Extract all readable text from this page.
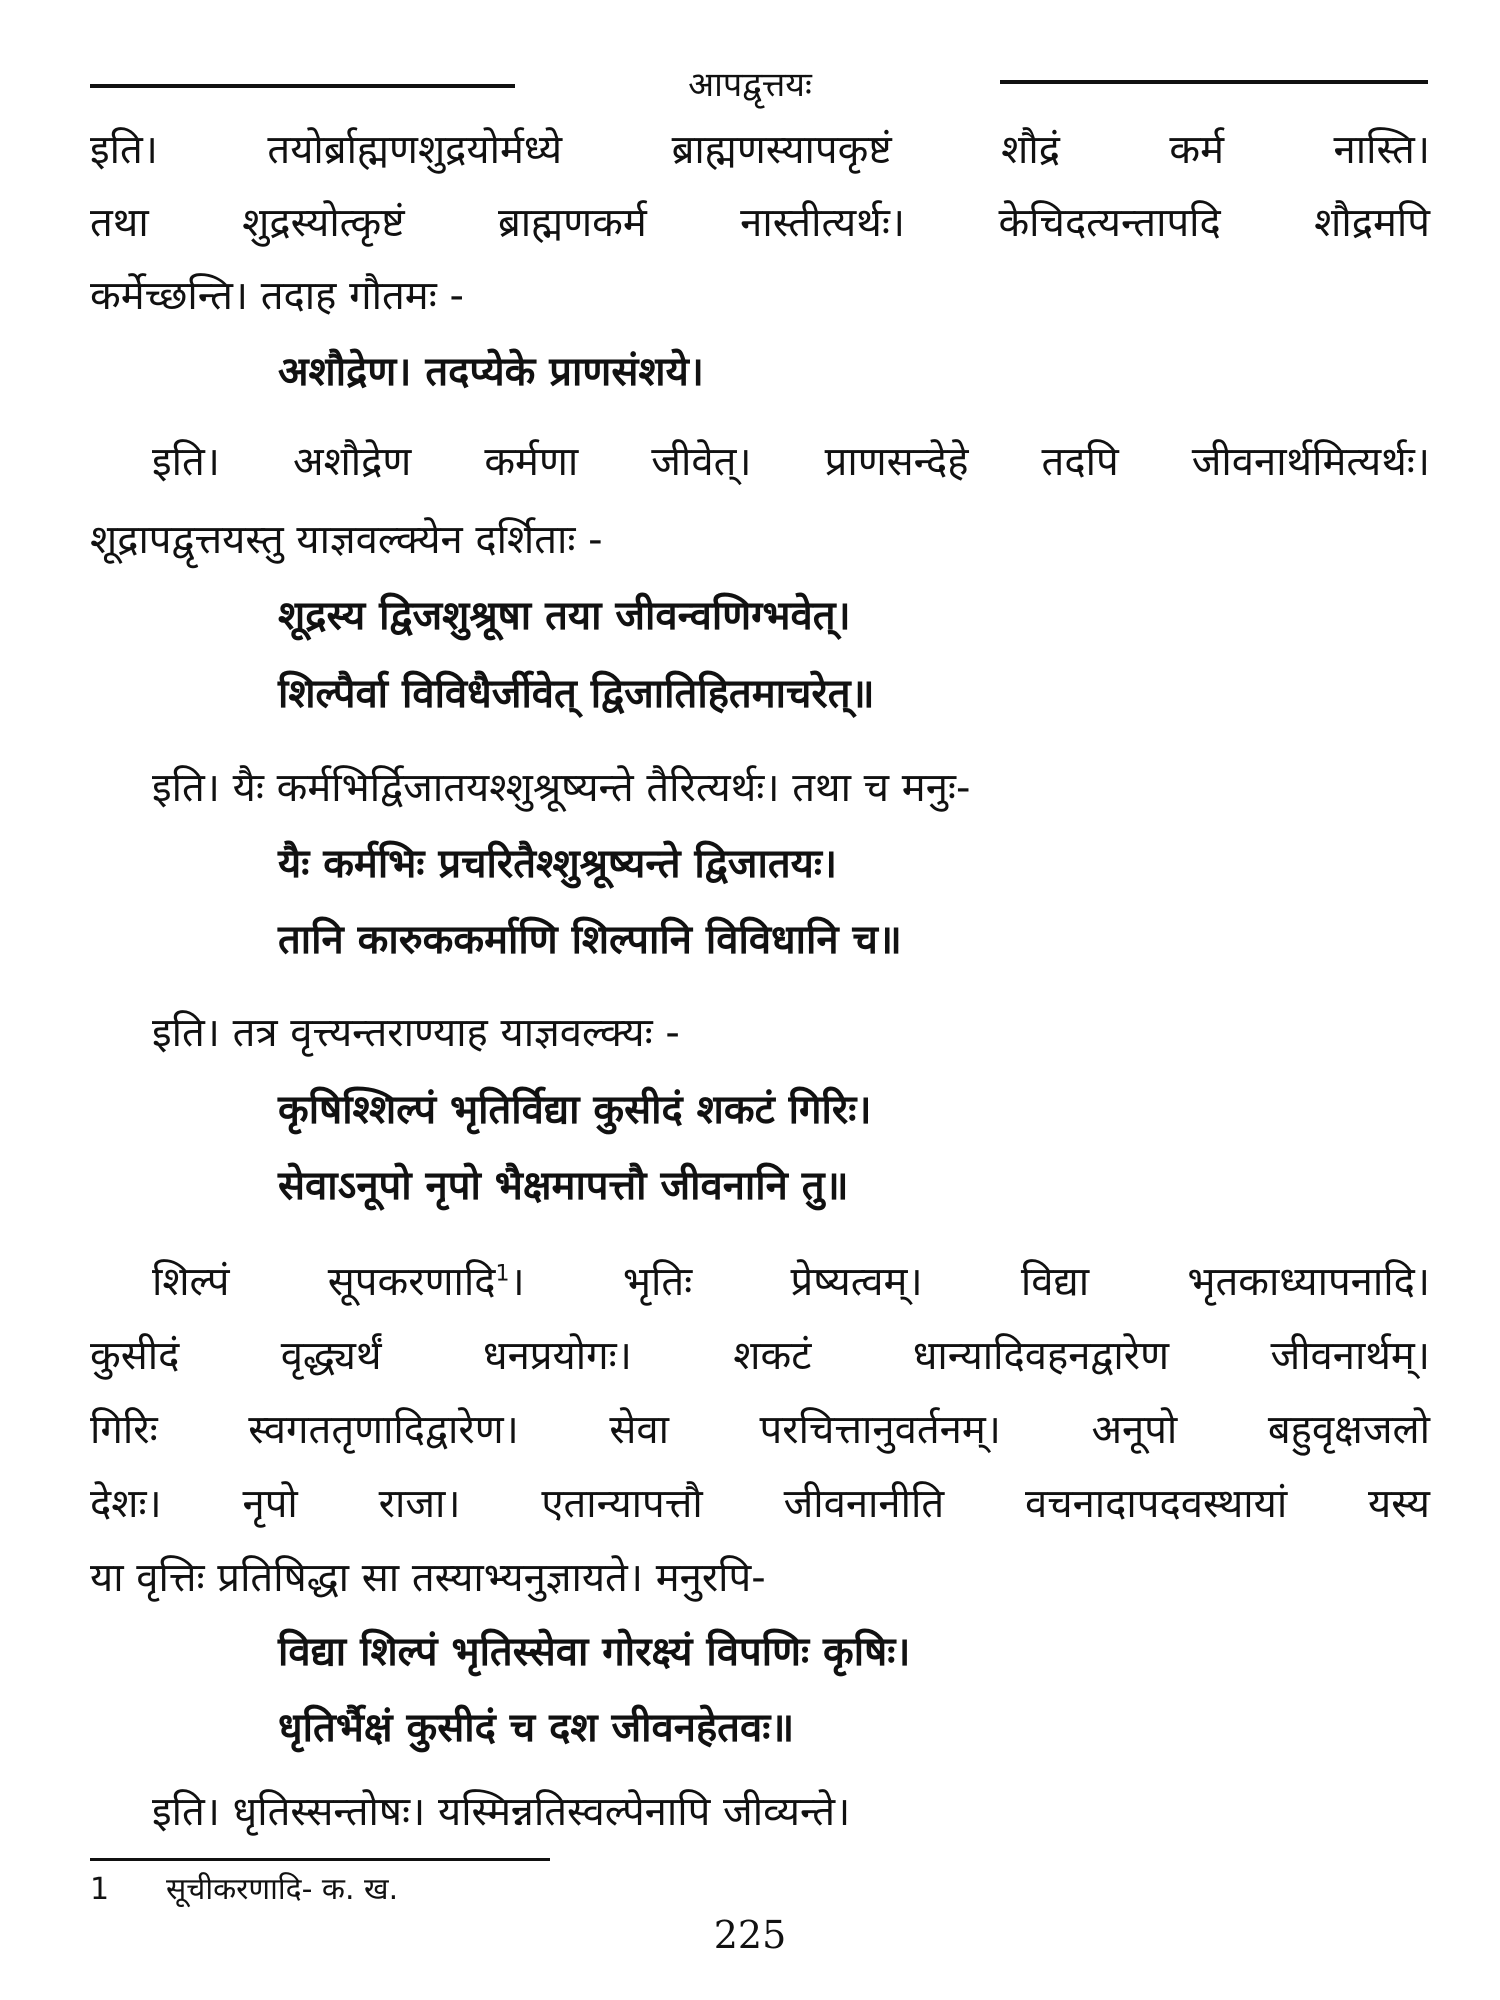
आपद्वृत्तयः
इति। तयोर्ब्राह्मणशुद्रयोर्मध्ये ब्राह्मणस्यापकृष्टं शौद्रं कर्म नास्ति।
तथा शुद्रस्योत्कृष्टं ब्राह्मणकर्म नास्तीत्यर्थः। केचिदत्यन्तापदि शौद्रमपि
कर्मेच्छन्ति। तदाह गौतमः -
अशौद्रेण। तदप्येके प्राणसंशये।
इति। अशौद्रेण कर्मणा जीवेत्। प्राणसन्देहे तदपि जीवनार्थमित्यर्थः।
शूद्रापद्वृत्तयस्तु याज्ञवल्क्येन दर्शिताः -
शूद्रस्य द्विजशुश्रूषा तया जीवन्वणिग्भवेत्।
शिल्पैर्वा विविधैर्जीवेत् द्विजातिहितमाचरेत्॥
इति। यैः कर्मभिर्द्विजातयश्शुश्रूष्यन्ते तैरित्यर्थः। तथा च मनुः-
यैः कर्मभिः प्रचरितैश्शुश्रूष्यन्ते द्विजातयः।
तानि कारुककर्माणि शिल्पानि विविधानि च॥
इति। तत्र वृत्त्यन्तराण्याह याज्ञवल्क्यः -
कृषिश्शिल्पं भृतिर्विद्या कुसीदं शकटं गिरिः।
सेवाऽनूपो नृपो भैक्षमापत्तौ जीवनानि तु॥
शिल्पं सूपकरणादि$^1$। भृतिः प्रेष्यत्वम्। विद्या भृतकाध्यापनादि।
कुसीदं वृद्ध्यर्थं धनप्रयोगः। शकटं धान्यादिवहनद्वारेण जीवनार्थम्।
गिरिः स्वगततृणादिद्वारेण। सेवा परचित्तानुवर्तनम्। अनूपो बहुवृक्षजलो
देशः। नृपो राजा। एतान्यापत्तौ जीवनानीति वचनादापदवस्थायां यस्य
या वृत्तिः प्रतिषिद्धा सा तस्याभ्यनुज्ञायते। मनुरपि-
विद्या शिल्पं भृतिस्सेवा गोरक्ष्यं विपणिः कृषिः।
धृतिर्भैक्षं कुसीदं च दश जीवनहेतवः॥
इति। धृतिस्सन्तोषः। यस्मिन्नतिस्वल्पेनापि जीव्यन्ते।
1 सूचीकरणादि- क. ख.
225
